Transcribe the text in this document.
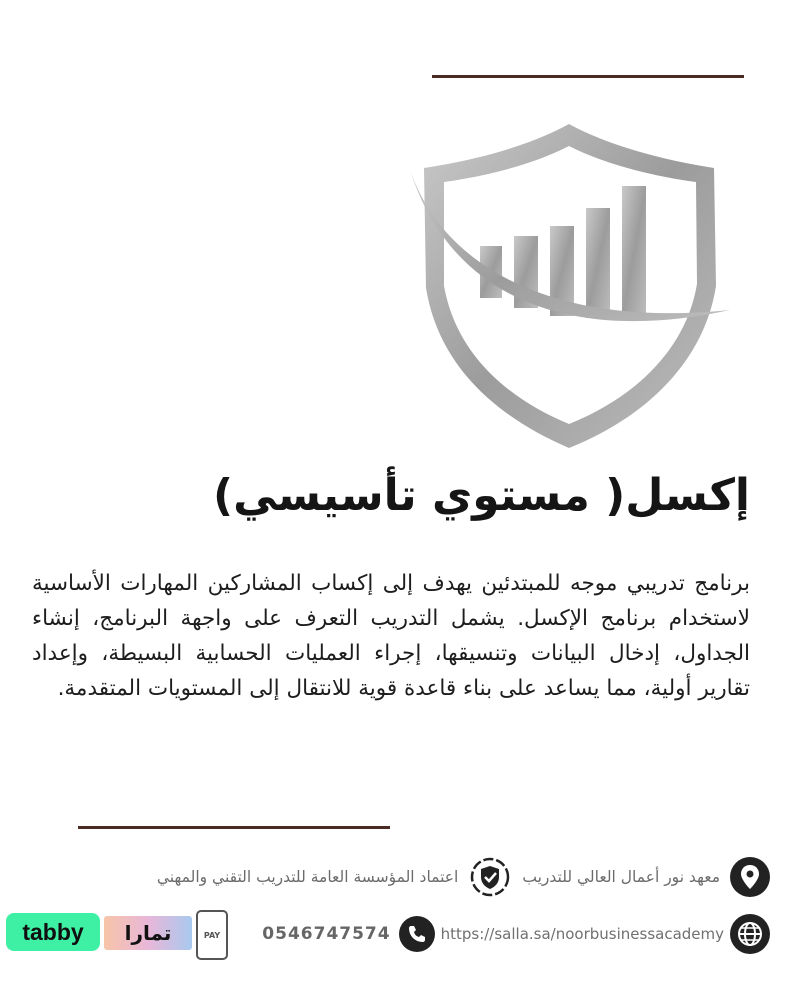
إكسل( مستوي تأسيسي)
برنامج تدريبي موجه للمبتدئين يهدف إلى إكساب المشاركين المهارات الأساسية لاستخدام برنامج الإكسل. يشمل التدريب التعرف على واجهة البرنامج، إنشاء الجداول، إدخال البيانات وتنسيقها، إجراء العمليات الحسابية البسيطة، وإعداد تقارير أولية، مما يساعد على بناء قاعدة قوية للانتقال إلى المستويات المتقدمة.
معهد نور أعمال العالي للتدريب
اعتماد المؤسسة العامة للتدريب التقني والمهني
https://salla.sa/noorbusinessacademy
0546747574
PAY
تمارا
tabby
